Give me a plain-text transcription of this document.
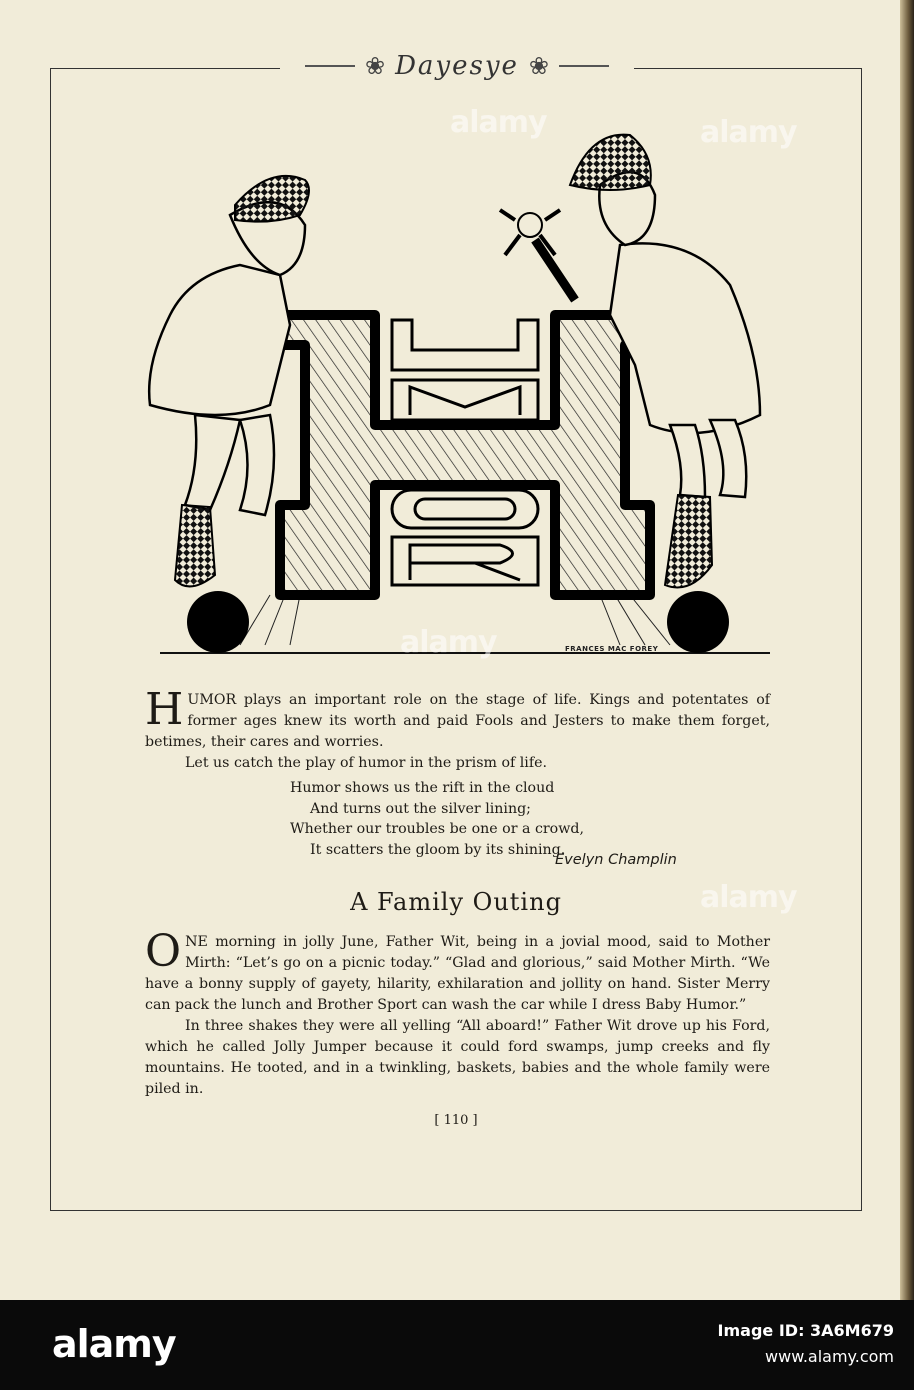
❀ Dayesye ❀
FRANCES MAC FOREY
HUMOR plays an important role on the stage of life. Kings and potentates of former ages knew its worth and paid Fools and Jesters to make them forget, betimes, their cares and worries.
Let us catch the play of humor in the prism of life.
Humor shows us the rift in the cloud
And turns out the silver lining;
Whether our troubles be one or a crowd,
It scatters the gloom by its shining.
Evelyn Champlin
A Family Outing
ONE morning in jolly June, Father Wit, being in a jovial mood, said to Mother Mirth: “Let’s go on a picnic today.” “Glad and glorious,” said Mother Mirth. “We have a bonny supply of gayety, hilarity, exhilaration and jollity on hand. Sister Merry can pack the lunch and Brother Sport can wash the car while I dress Baby Humor.”
In three shakes they were all yelling “All aboard!” Father Wit drove up his Ford, which he called Jolly Jumper because it could ford swamps, jump creeks and fly mountains. He tooted, and in a twinkling, baskets, babies and the whole family were piled in.
[ 110 ]
alamy	alamy
alamy
alamy
alamy	Image ID: 3A6M679
www.alamy.com
